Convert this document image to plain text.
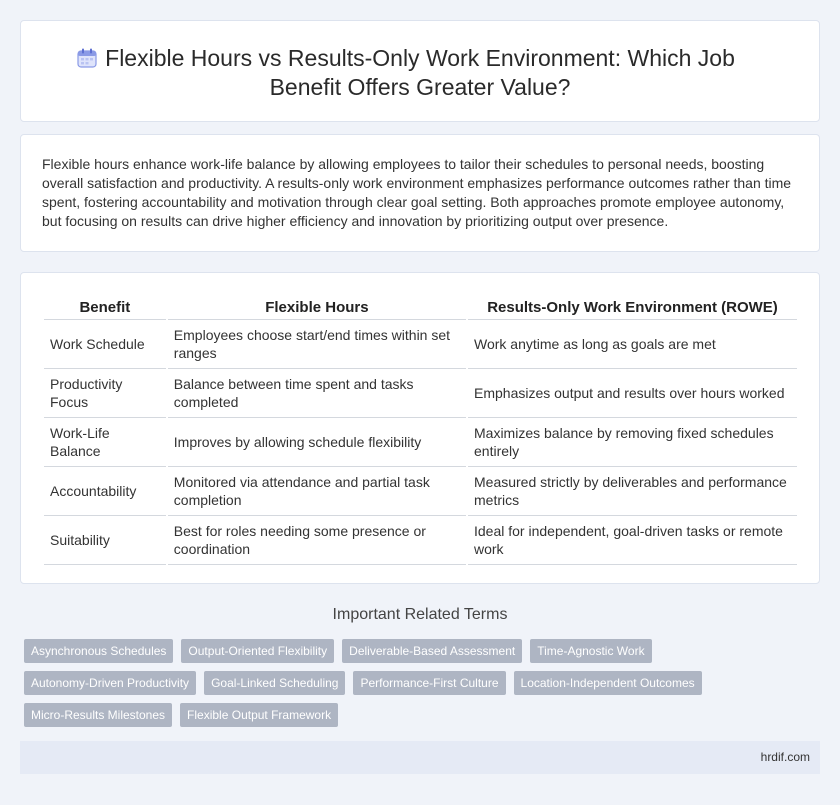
Flexible Hours vs Results-Only Work Environment: Which Job Benefit Offers Greater Value?

Flexible hours enhance work-life balance by allowing employees to tailor their schedules to personal needs, boosting overall satisfaction and productivity. A results-only work environment emphasizes performance outcomes rather than time spent, fostering accountability and motivation through clear goal setting. Both approaches promote employee autonomy, but focusing on results can drive higher efficiency and innovation by prioritizing output over presence.

Benefit	Flexible Hours	Results-Only Work Environment (ROWE)
Work Schedule	Employees choose start/end times within set ranges	Work anytime as long as goals are met
Productivity Focus	Balance between time spent and tasks completed	Emphasizes output and results over hours worked
Work-Life Balance	Improves by allowing schedule flexibility	Maximizes balance by removing fixed schedules entirely
Accountability	Monitored via attendance and partial task completion	Measured strictly by deliverables and performance metrics
Suitability	Best for roles needing some presence or coordination	Ideal for independent, goal-driven tasks or remote work
Important Related Terms
Asynchronous Schedules	Output-Oriented Flexibility	Deliverable-Based Assessment	Time-Agnostic Work
Autonomy-Driven Productivity	Goal-Linked Scheduling	Performance-First Culture	Location-Independent Outcomes
Micro-Results Milestones	Flexible Output Framework
hrdif.com
